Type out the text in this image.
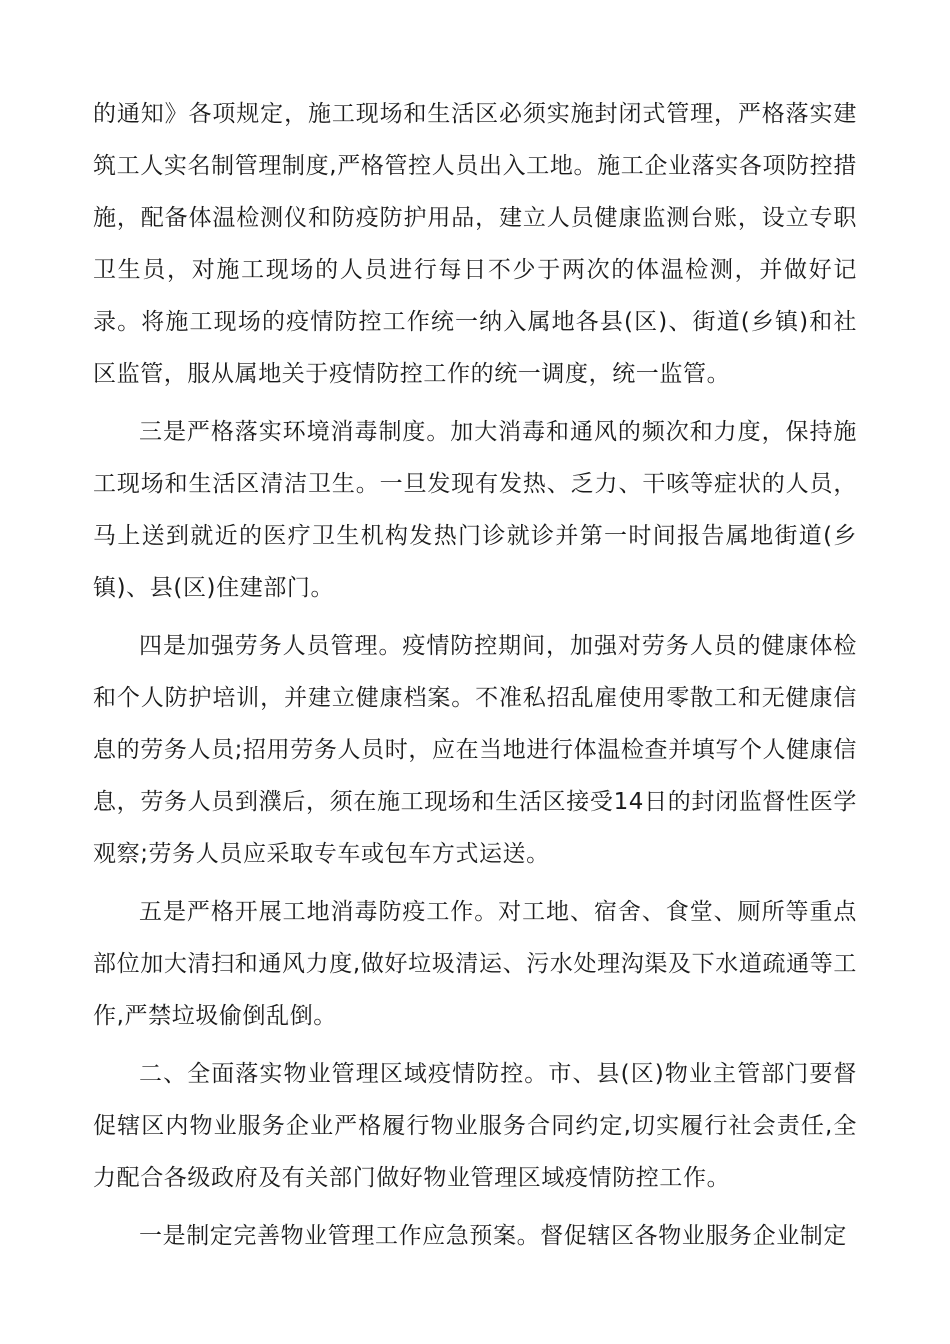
的通知》各项规定，施工现场和生活区必须实施封闭式管理，严格落实建筑工人实名制管理制度,严格管控人员出入工地。施工企业落实各项防控措施，配备体温检测仪和防疫防护用品，建立人员健康监测台账，设立专职卫生员，对施工现场的人员进行每日不少于两次的体温检测，并做好记录。将施工现场的疫情防控工作统一纳入属地各县(区)、街道(乡镇)和社区监管，服从属地关于疫情防控工作的统一调度，统一监管。

三是严格落实环境消毒制度。加大消毒和通风的频次和力度，保持施工现场和生活区清洁卫生。一旦发现有发热、乏力、干咳等症状的人员，马上送到就近的医疗卫生机构发热门诊就诊并第一时间报告属地街道(乡镇)、县(区)住建部门。

四是加强劳务人员管理。疫情防控期间，加强对劳务人员的健康体检和个人防护培训，并建立健康档案。不准私招乱雇使用零散工和无健康信息的劳务人员;招用劳务人员时，应在当地进行体温检查并填写个人健康信息，劳务人员到濮后，须在施工现场和生活区接受14日的封闭监督性医学观察;劳务人员应采取专车或包车方式运送。

五是严格开展工地消毒防疫工作。对工地、宿舍、食堂、厕所等重点部位加大清扫和通风力度,做好垃圾清运、污水处理沟渠及下水道疏通等工作,严禁垃圾偷倒乱倒。

二、全面落实物业管理区域疫情防控。市、县(区)物业主管部门要督促辖区内物业服务企业严格履行物业服务合同约定,切实履行社会责任,全力配合各级政府及有关部门做好物业管理区域疫情防控工作。

一是制定完善物业管理工作应急预案。督促辖区各物业服务企业制定
